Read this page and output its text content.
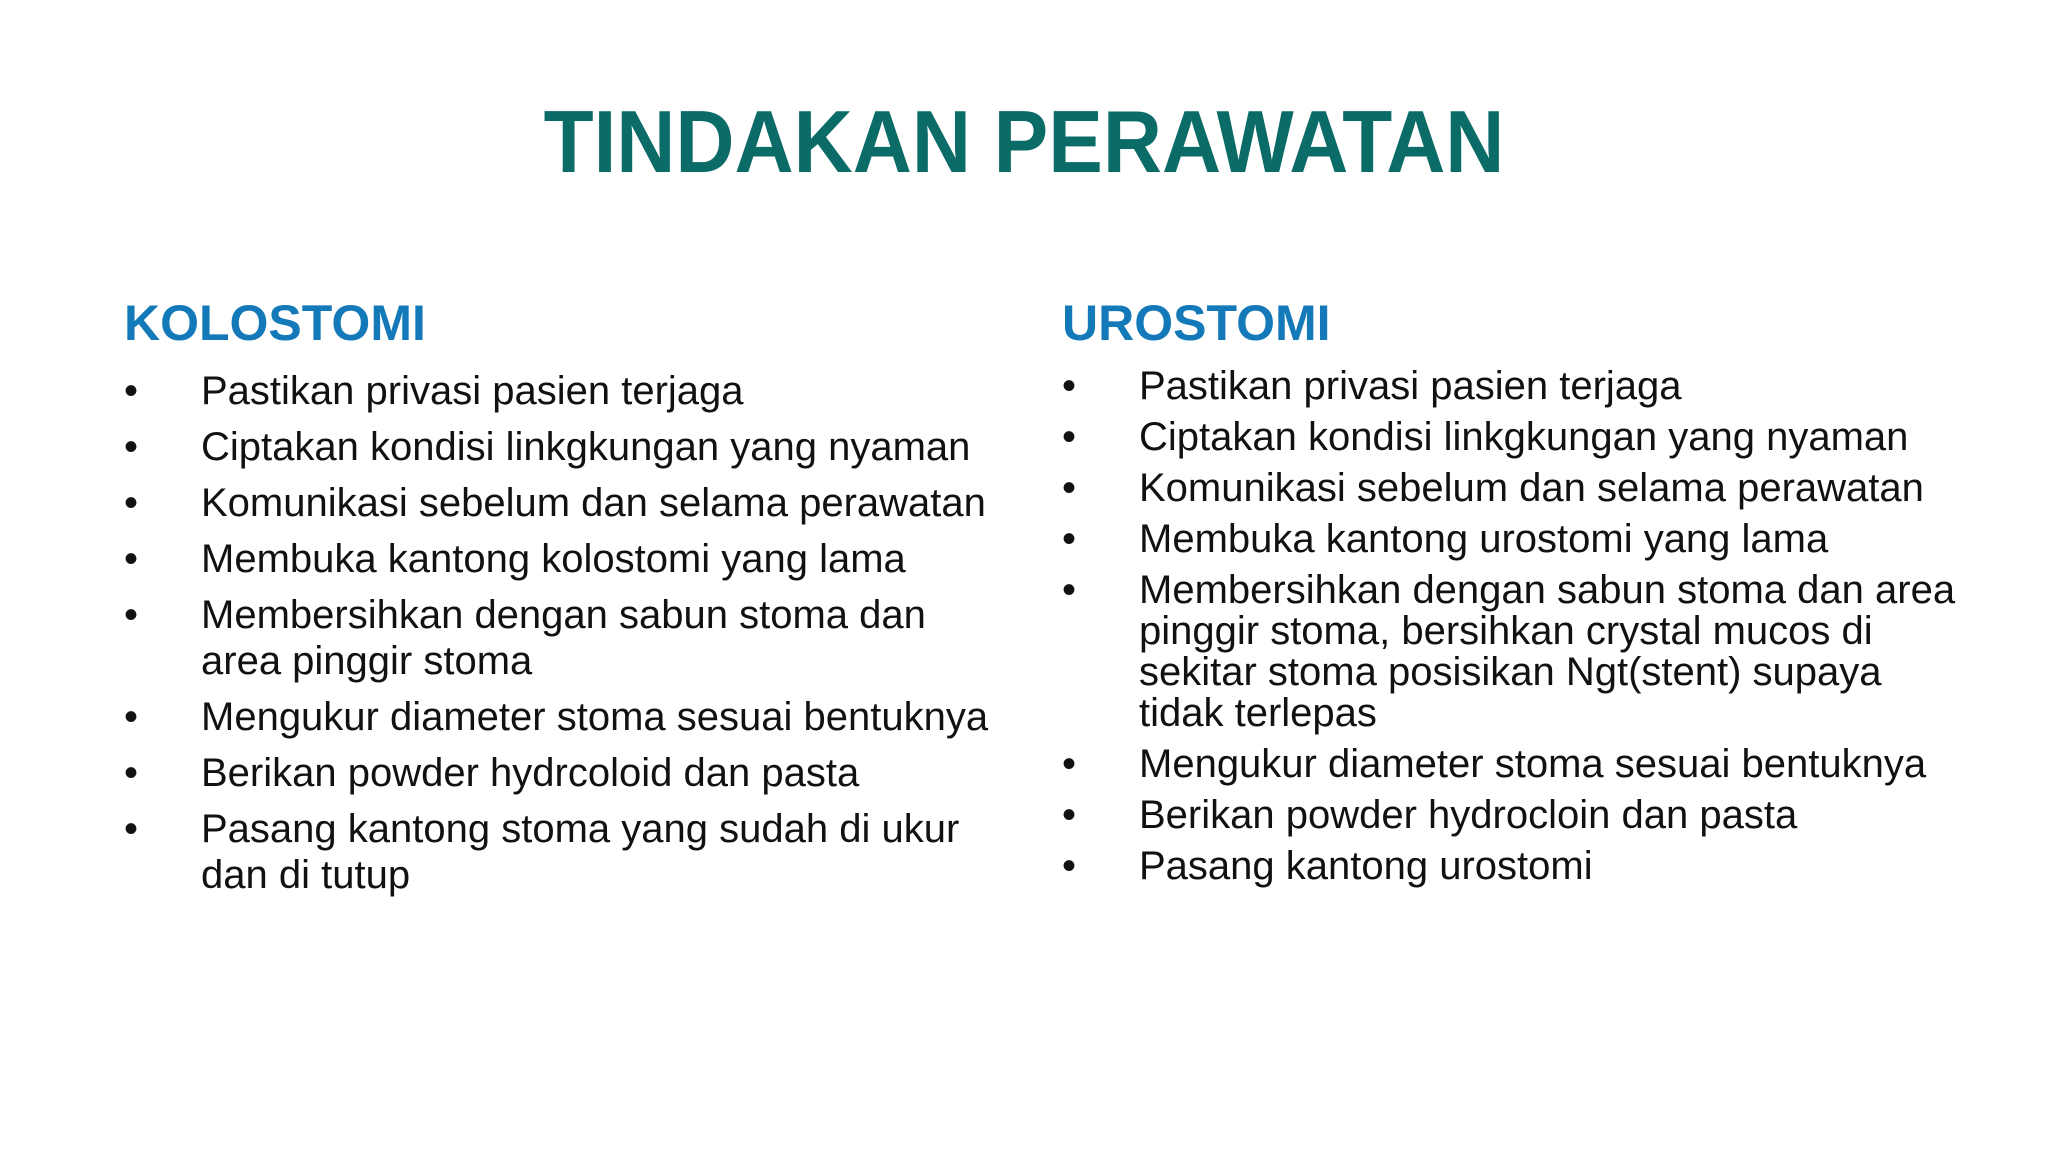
TINDAKAN PERAWATAN
KOLOSTOMI
•	Pastikan privasi pasien terjaga
•	Ciptakan kondisi linkgkungan yang nyaman
•	Komunikasi sebelum dan selama perawatan
•	Membuka kantong kolostomi yang lama
•	Membersihkan dengan sabun stoma dan area pinggir stoma
•	Mengukur diameter stoma sesuai bentuknya
•	Berikan powder hydrcoloid dan pasta
•	Pasang kantong stoma yang sudah di ukur dan di tutup
UROSTOMI
•	Pastikan privasi pasien terjaga
•	Ciptakan kondisi linkgkungan yang nyaman
•	Komunikasi sebelum dan selama perawatan
•	Membuka kantong urostomi yang lama
•	Membersihkan dengan sabun stoma dan area pinggir stoma, bersihkan crystal mucos di sekitar stoma posisikan Ngt(stent) supaya tidak terlepas
•	Mengukur diameter stoma sesuai bentuknya
•	Berikan powder hydrocloin dan pasta
•	Pasang kantong urostomi
